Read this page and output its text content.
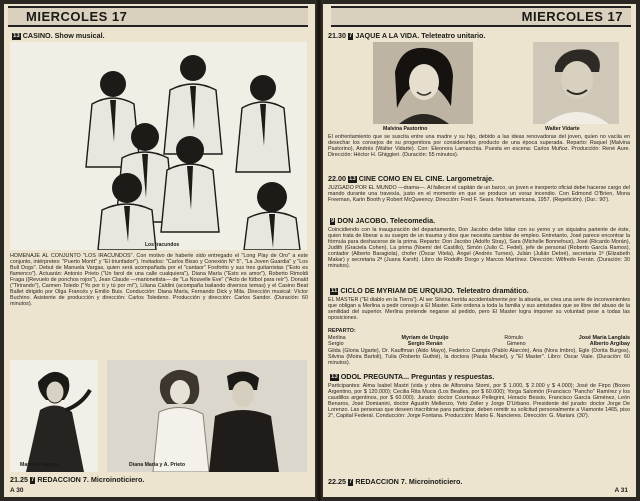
MIERCOLES 17
13 CASINO. Show musical.
Los Iracundos
HOMENAJE AL CONJUNTO "LOS IRACUNDOS". Con motivo de haberle sido entregado el "Long Play de Oro" a este conjunto, intérpretes: "Puerto Montt" y "El triunfador"). Invitados: "Carlos Bisso y Conexión N° 5", "La Joven Guardia" y "Los Bull Dogs". Debut de Manuela Vargas, quien será acompañada por el "cantaor" Fosforito y sus tres guitarristas ("Esto es flamenco"). Actuarán: Antonio Prieto ("Un farol de una calle cualquiera"), Diana María ("Esto es amor"), Roberto Rimoldi Fraga ((Revuelo de ponchos rojos"), Jean Claude —marionetista— de "La Nouvelle Eve" ("Acto de fútbol para reír"). Donald ("Tirirando"), Carmen Toledo ("Yo por ti y tú por mí"), Liliana Caldini (acompaña bailando diversos temas) y el Casino Beat Ballet dirigido por Olga Francés y Emilio Buis. Conducción: Diana María, Fernando Dick y Mila. Dirección musical: Víctor Buchino. Asistente de producción y dirección: Carlos Toledeno. Producción y dirección: Carlos Sandor. (Duración: 60 minutos).
Manuela Vargas	Diana María y A. Prieto
21.25 7 REDACCION 7. Microinoticiero.
A 30
MIERCOLES 17
21.30 7 JAQUE A LA VIDA. Teleteatro unitario.
Malvina Pastorino	Walter Vidarte
El enfrentamiento que se suscita entre una madre y su hijo, debido a las ideas renovadoras del joven, quien no vacila en desechar los consejos de su progenitora por considerarlos producto de una época superada. Reparto: Raquel (Malvina Pastorino), Andrés (Walter Vidarte). Con: Eleonora Lamacchia. Puesta en escena: Carlos Muñoz. Producción: René Aure. Dirección: Héctor H. Ghiggieri. (Duración: 55 minutos).
22.00 13 CINE COMO EN EL CINE. Largometraje.
JUZGADO POR EL MUNDO —drama—. Al fallecer el capitán de un barco, un joven e inexperto oficial debe hacerse cargo del mando durante una travesía, justo en el momento en que se produce un voraz incendio. Con Edmond O'Brien, Mona Freeman, Karin Booth y Robert McQueency. Dirección: Fred F. Sears. Norteamericana, 1957. (Repetición). (Dur.: 90').
9 DON JACOBO. Telecomedia.
Coincidiendo con la inauguración del departamento, Don Jacobo debe lidiar con su yerno y un siquiatra pariente de éste, quien trata de liberar a su suegro de un trauma y dice que necesita cambiar de empleo. Entretanto, José parece encontrar la fórmula para deshacerse de la prima. Reparto: Don Jacobo (Adolfo Stray), Sara (Michelle Bonnefoux), José (Ricardo Morán), Judith (Graciela Cohen), La prima (Noemí del Castillo), Simón (Julio C. Fedel), jefe de personal (Roberto García Ramos), contador (Alberto Baragiola), chofer (Óscar Vitela), Ángel (Andrés Turnes), Julián (Julián Debré), secretaria 1ª (Elizabeth Makar) y secretaria 2ª (Juana Karsh). Libro de Rodolfo Dorgo y Marcos Martínez. Dirección: Wilfredo Ferrán. (Duración: 30 minutos).
11 CICLO DE MYRIAM DE URQUIJO. Teleteatro dramático.
EL MASTER ("El diablo en la Tierra"). Al ser Silvina herida accidentalmente por la abuela, se crea una serie de inconvenientes que obligan a Merlina a pedir consejo a El Master. Este ordena a toda la familia y sus amistades que se libre del abuso de la senilidad del superior. Merlina pretende negarse al pedido, pero El Master logra imponer su voluntad pese a todas las oposiciones.
REPARTO:
Merlina	Myriam de Urquijo	Rómulo	José María Langlais
Sergio	Sergio Renán	Gimeno	Alberto Argibay
Gilda (Gloria Ugarte), Dr. Kauffman (Aldo Mayo), Federico Campis (Pablo Alarcón), Ana (Nora Imbro), Egle (Dorita Burgos), Silvina (Moira Bartoli), Tulia (Roberto Guthié), la doctora (Paula Maciel), y "El Master". Libro: Oscar Viale. (Duración: 60 minutos).
13 ODOL PREGUNTA... Preguntas y respuestas.
Participantes: Alma Isabel Mastri (vida y obra de Alfonsina Storni, por $ 1.000, $ 2.000 y $ 4.000); José de Firpo (Boxeo Argentino, por $ 120.000); Cecilia Rita Mucis (Los Beatles, por $ 60.000); Yorga Salomón (Francisco "Pancho" Ramírez y los caudillos argentinos, por $ 60.000). Jurado: doctor Courteaux Pellegrini, Horacio Bessio, Francisco García Giménez, León Benaros, José Domianini, doctor Agustín Mellenzo, Yeto Zeller y Jorge D'Urbano. Presidente del jurado: doctor Jorge De Lorenzo. Las personas que deseen inscribirse para participar, deben remitir su solicitud personalmente a Viamonte 1465, piso 2°, Capital Federal. Conducción: Jorge Fontana. Producción: Mario E. Nancieres. Dirección: G. Mariani. (30').
22.25 7 REDACCION 7. Microinoticiero.
A 31
